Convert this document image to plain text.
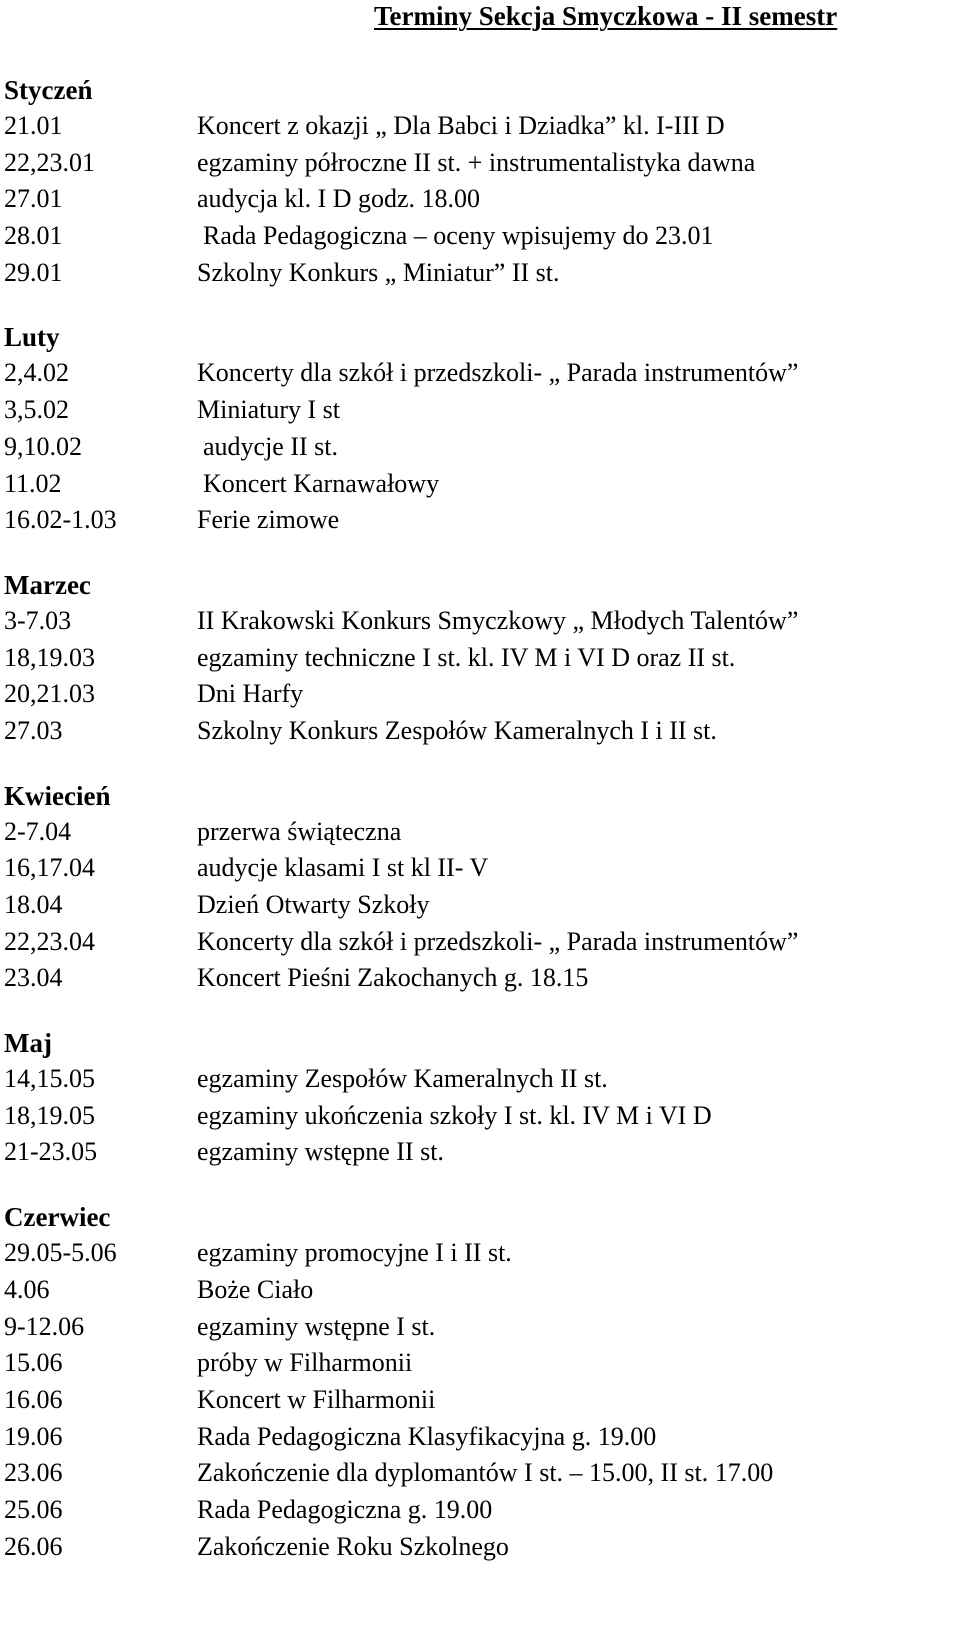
Terminy Sekcja Smyczkowa - II semestr
Styczeń
21.01	Koncert z okazji „ Dla Babci i Dziadka” kl. I-III D
22,23.01	egzaminy półroczne II st. + instrumentalistyka dawna
27.01	audycja kl. I D godz. 18.00
28.01	Rada Pedagogiczna – oceny wpisujemy do 23.01
29.01	Szkolny Konkurs „ Miniatur” II st.
Luty
2,4.02	Koncerty dla szkół i przedszkoli- „ Parada instrumentów”
3,5.02	Miniatury I st
9,10.02	audycje II st.
11.02	Koncert Karnawałowy
16.02-1.03	Ferie zimowe
Marzec
3-7.03	II Krakowski Konkurs Smyczkowy „ Młodych Talentów”
18,19.03	egzaminy techniczne I st. kl. IV M i VI D oraz II st.
20,21.03	Dni Harfy
27.03	Szkolny Konkurs Zespołów Kameralnych I i II st.
Kwiecień
2-7.04	przerwa świąteczna
16,17.04	audycje klasami I st kl II- V
18.04	Dzień Otwarty Szkoły
22,23.04	Koncerty dla szkół i przedszkoli- „ Parada instrumentów”
23.04	Koncert Pieśni Zakochanych g. 18.15
Maj
14,15.05	egzaminy Zespołów Kameralnych II st.
18,19.05	egzaminy ukończenia szkoły I st. kl. IV M i VI D
21-23.05	egzaminy wstępne II st.
Czerwiec
29.05-5.06	egzaminy promocyjne I i II st.
4.06	Boże Ciało
9-12.06	egzaminy wstępne I st.
15.06	próby w Filharmonii
16.06	Koncert w Filharmonii
19.06	Rada Pedagogiczna Klasyfikacyjna g. 19.00
23.06	Zakończenie dla dyplomantów I st. – 15.00, II st. 17.00
25.06	Rada Pedagogiczna g. 19.00
26.06	Zakończenie Roku Szkolnego
